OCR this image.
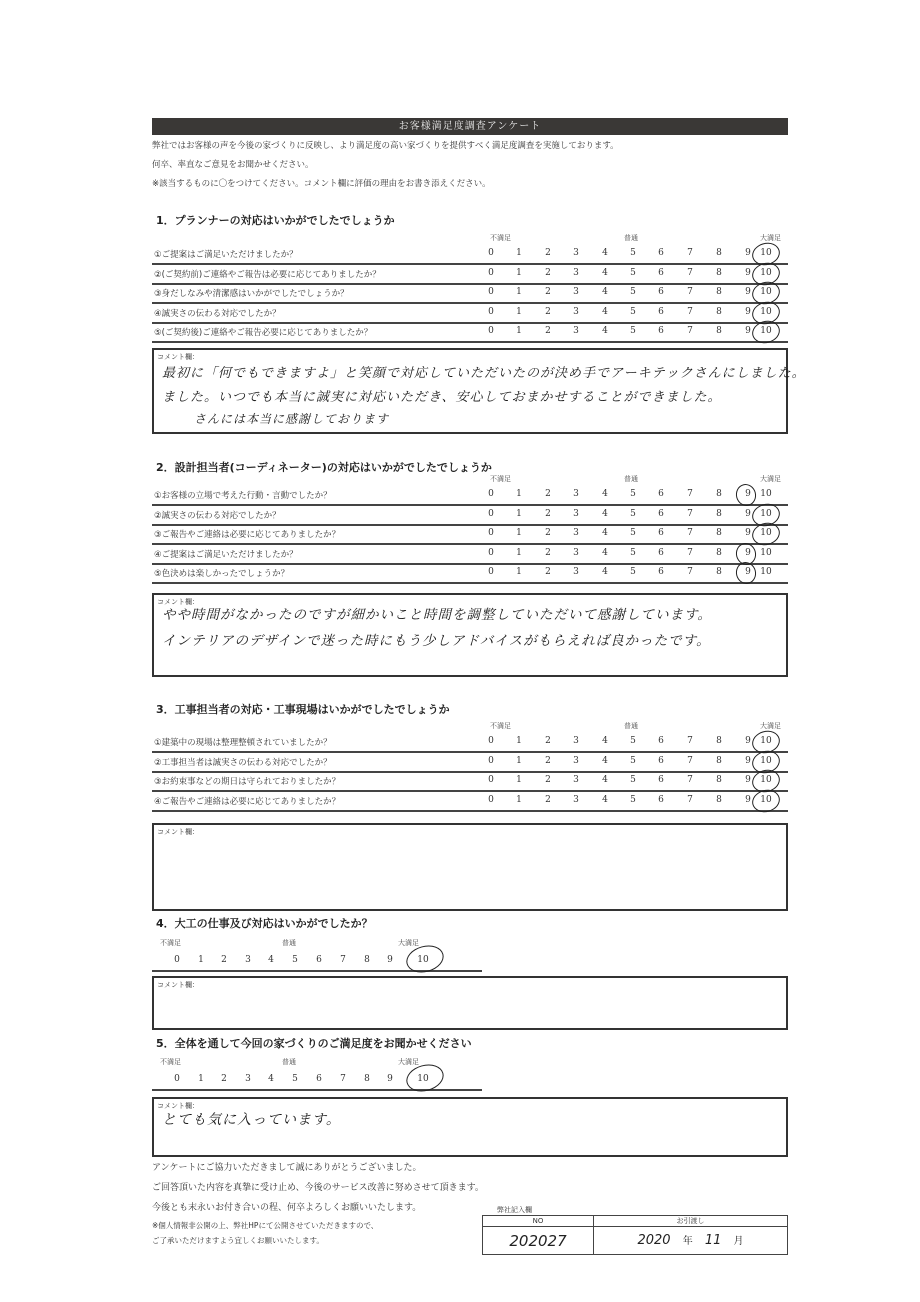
お客様満足度調査アンケート
弊社ではお客様の声を今後の家づくりに反映し、より満足度の高い家づくりを提供すべく満足度調査を実施しております。
何卒、率直なご意見をお聞かせください。
※該当するものに〇をつけてください。コメント欄に評価の理由をお書き添えください。
1．プランナーの対応はいかがでしたでしょうか
不満足	普通	大満足
①ご提案はご満足いただけましたか？	0	1	2	3	4	5	6	7	8	9	10
②(ご契約前)ご連絡やご報告は必要に応じてありましたか？	0	1	2	3	4	5	6	7	8	9	10
③身だしなみや清潔感はいかがでしたでしょうか？	0	1	2	3	4	5	6	7	8	9	10
④誠実さの伝わる対応でしたか？	0	1	2	3	4	5	6	7	8	9	10
⑤(ご契約後)ご連絡やご報告必要に応じてありましたか？	0	1	2	3	4	5	6	7	8	9	10
コメント欄：
最初に「何でもできますよ」と笑顔で対応していただいたのが決め手でアーキテックさんにしました。
ました。いつでも本当に誠実に対応いただき、安心しておまかせすることができました。
さんには本当に感謝しております
2．設計担当者(コーディネーター)の対応はいかがでしたでしょうか
不満足	普通	大満足
①お客様の立場で考えた行動・言動でしたか？	0	1	2	3	4	5	6	7	8	9	10
②誠実さの伝わる対応でしたか？	0	1	2	3	4	5	6	7	8	9	10
③ご報告やご連絡は必要に応じてありましたか？	0	1	2	3	4	5	6	7	8	9	10
④ご提案はご満足いただけましたか？	0	1	2	3	4	5	6	7	8	9	10
⑤色決めは楽しかったでしょうか？	0	1	2	3	4	5	6	7	8	9	10
コメント欄：
やや時間がなかったのですが細かいこと時間を調整していただいて感謝しています。
インテリアのデザインで迷った時にもう少しアドバイスがもらえれば良かったです。
3．工事担当者の対応・工事現場はいかがでしたでしょうか
不満足	普通	大満足
①建築中の現場は整理整頓されていましたか？	0	1	2	3	4	5	6	7	8	9	10
②工事担当者は誠実さの伝わる対応でしたか？	0	1	2	3	4	5	6	7	8	9	10
③お約束事などの期日は守られておりましたか？	0	1	2	3	4	5	6	7	8	9	10
④ご報告やご連絡は必要に応じてありましたか？	0	1	2	3	4	5	6	7	8	9	10
コメント欄：
4．大工の仕事及び対応はいかがでしたか？
不満足	普通	大満足
0	1	2	3	4	5	6	7	8	9	10
コメント欄：
5．全体を通して今回の家づくりのご満足度をお聞かせください
不満足	普通	大満足
0	1	2	3	4	5	6	7	8	9	10
コメント欄：
とても気に入っています。
アンケートにご協力いただきまして誠にありがとうございました。
ご回答頂いた内容を真摯に受け止め、今後のサービス改善に努めさせて頂きます。
今後とも末永いお付き合いの程、何卒よろしくお願いいたします。
※個人情報非公開の上、弊社HPにて公開させていただきますので、
ご了承いただけますよう宜しくお願いいたします。
弊社記入欄
NO	お引渡し
202027	2020 年 11 月
